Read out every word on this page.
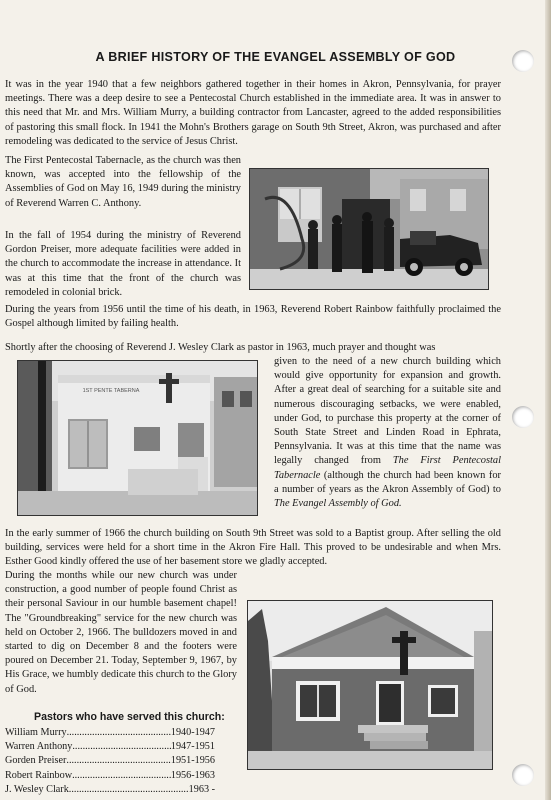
A BRIEF HISTORY OF THE EVANGEL ASSEMBLY OF GOD

It was in the year 1940 that a few neighbors gathered together in their homes in Akron, Pennsylvania, for prayer meetings. There was a deep desire to see a Pentecostal Church established in the immediate area. It was in answer to this need that Mr. and Mrs. William Murry, a building contractor from Lancaster, agreed to the added responsibilities of pastoring this small flock. In 1941 the Mohn's Brothers garage on South 9th Street, Akron, was purchased and after remodeling was dedicated to the service of Jesus Christ.

The First Pentecostal Tabernacle, as the church was then known, was accepted into the fellowship of the Assemblies of God on May 16, 1949 during the ministry of Reverend Warren C. Anthony.

In the fall of 1954 during the ministry of Reverend Gordon Preiser, more adequate facilities were added in the church to accommodate the increase in attendance. It was at this time that the front of the church was remodeled in colonial brick.

During the years from 1956 until the time of his death, in 1963, Reverend Robert Rainbow faithfully proclaimed the Gospel although limited by failing health.

Shortly after the choosing of Reverend J. Wesley Clark as pastor in 1963, much prayer and thought was

given to the need of a new church building which would give opportunity for expansion and growth. After a great deal of searching for a suitable site and numerous discouraging setbacks, we were enabled, under God, to purchase this property at the corner of South State Street and Linden Road in Ephrata, Pennsylvania. It was at this time that the name was legally changed from The First Pentecostal Tabernacle (although the church had been known for a number of years as the Akron Assembly of God) to The Evangel Assembly of God.

In the early summer of 1966 the church building on South 9th Street was sold to a Baptist group. After selling the old building, services were held for a short time in the Akron Fire Hall. This proved to be undesirable and when Mrs. Esther Good kindly offered the use of her basement store we gladly accepted.

During the months while our new church was under construction, a good number of people found Christ as their personal Saviour in our humble basement chapel! The "Groundbreaking" service for the new church was held on October 2, 1966. The bulldozers moved in and started to dig on December 8 and the footers were poured on December 21. Today, September 9, 1967, by His Grace, we humbly dedicate this church to the Glory of God.

1ST PENTE TABERNA
Pastors who have served this church:
William Murry .....	1940-1947
Warren Anthony .....	1947-1951
Gorden Preiser .....	1951-1956
Robert Rainbow .....	1956-1963
J. Wesley Clark .....	1963 -
